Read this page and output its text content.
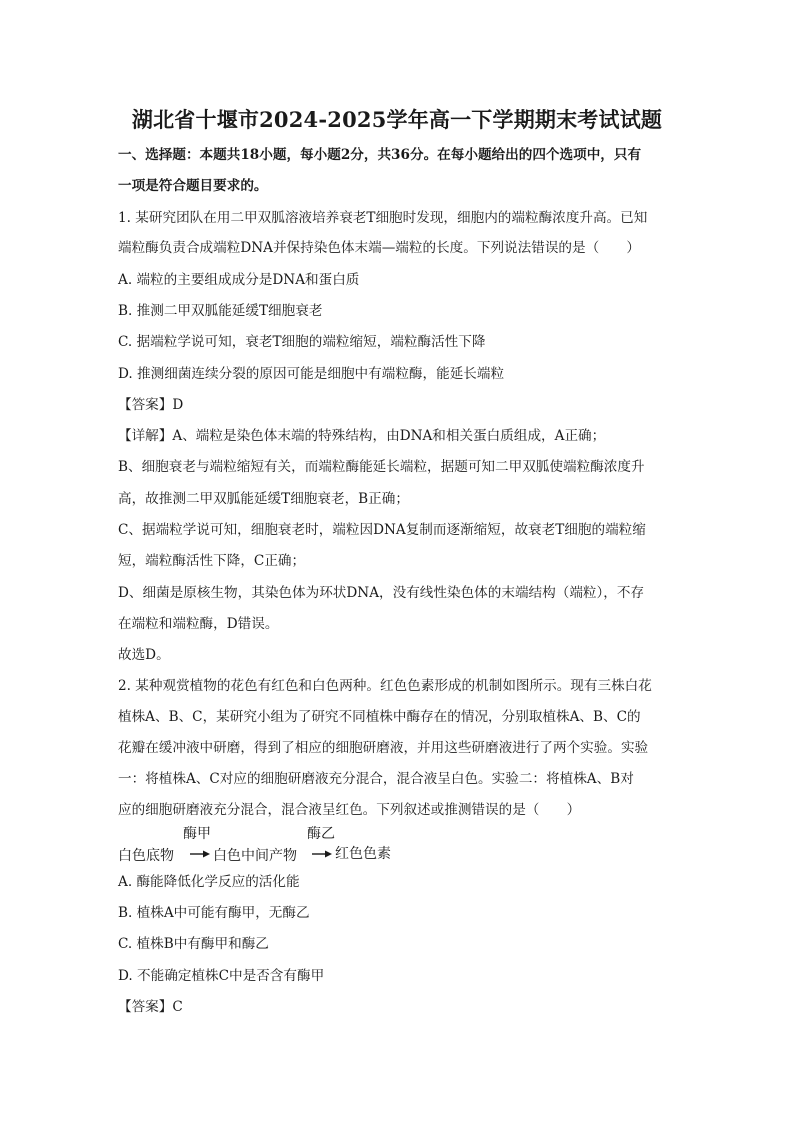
湖北省十堰市2024-2025学年高一下学期期末考试试题
一、选择题：本题共18小题，每小题2分，共36分。在每小题给出的四个选项中，只有
一项是符合题目要求的。
1. 某研究团队在用二甲双胍溶液培养衰老T细胞时发现，细胞内的端粒酶浓度升高。已知
端粒酶负责合成端粒DNA并保持染色体末端—端粒的长度。下列说法错误的是（　　）
A. 端粒的主要组成成分是DNA和蛋白质
B. 推测二甲双胍能延缓T细胞衰老
C. 据端粒学说可知，衰老T细胞的端粒缩短，端粒酶活性下降
D. 推测细菌连续分裂的原因可能是细胞中有端粒酶，能延长端粒
【答案】D
【详解】A、端粒是染色体末端的特殊结构，由DNA和相关蛋白质组成，A正确；
B、细胞衰老与端粒缩短有关，而端粒酶能延长端粒，据题可知二甲双胍使端粒酶浓度升
高，故推测二甲双胍能延缓T细胞衰老，B正确；
C、据端粒学说可知，细胞衰老时，端粒因DNA复制而逐渐缩短，故衰老T细胞的端粒缩
短，端粒酶活性下降，C正确；
D、细菌是原核生物，其染色体为环状DNA，没有线性染色体的末端结构（端粒），不存
在端粒和端粒酶，D错误。
故选D。
2. 某种观赏植物的花色有红色和白色两种。红色色素形成的机制如图所示。现有三株白花
植株A、B、C，某研究小组为了研究不同植株中酶存在的情况，分别取植株A、B、C的
花瓣在缓冲液中研磨，得到了相应的细胞研磨液，并用这些研磨液进行了两个实验。实验
一：将植株A、C对应的细胞研磨液充分混合，混合液呈白色。实验二：将植株A、B对
应的细胞研磨液充分混合，混合液呈红色。下列叙述或推测错误的是（　　）
酶甲	酶乙
白色底物	白色中间产物	红色色素
A. 酶能降低化学反应的活化能
B. 植株A中可能有酶甲，无酶乙
C. 植株B中有酶甲和酶乙
D. 不能确定植株C中是否含有酶甲
【答案】C
